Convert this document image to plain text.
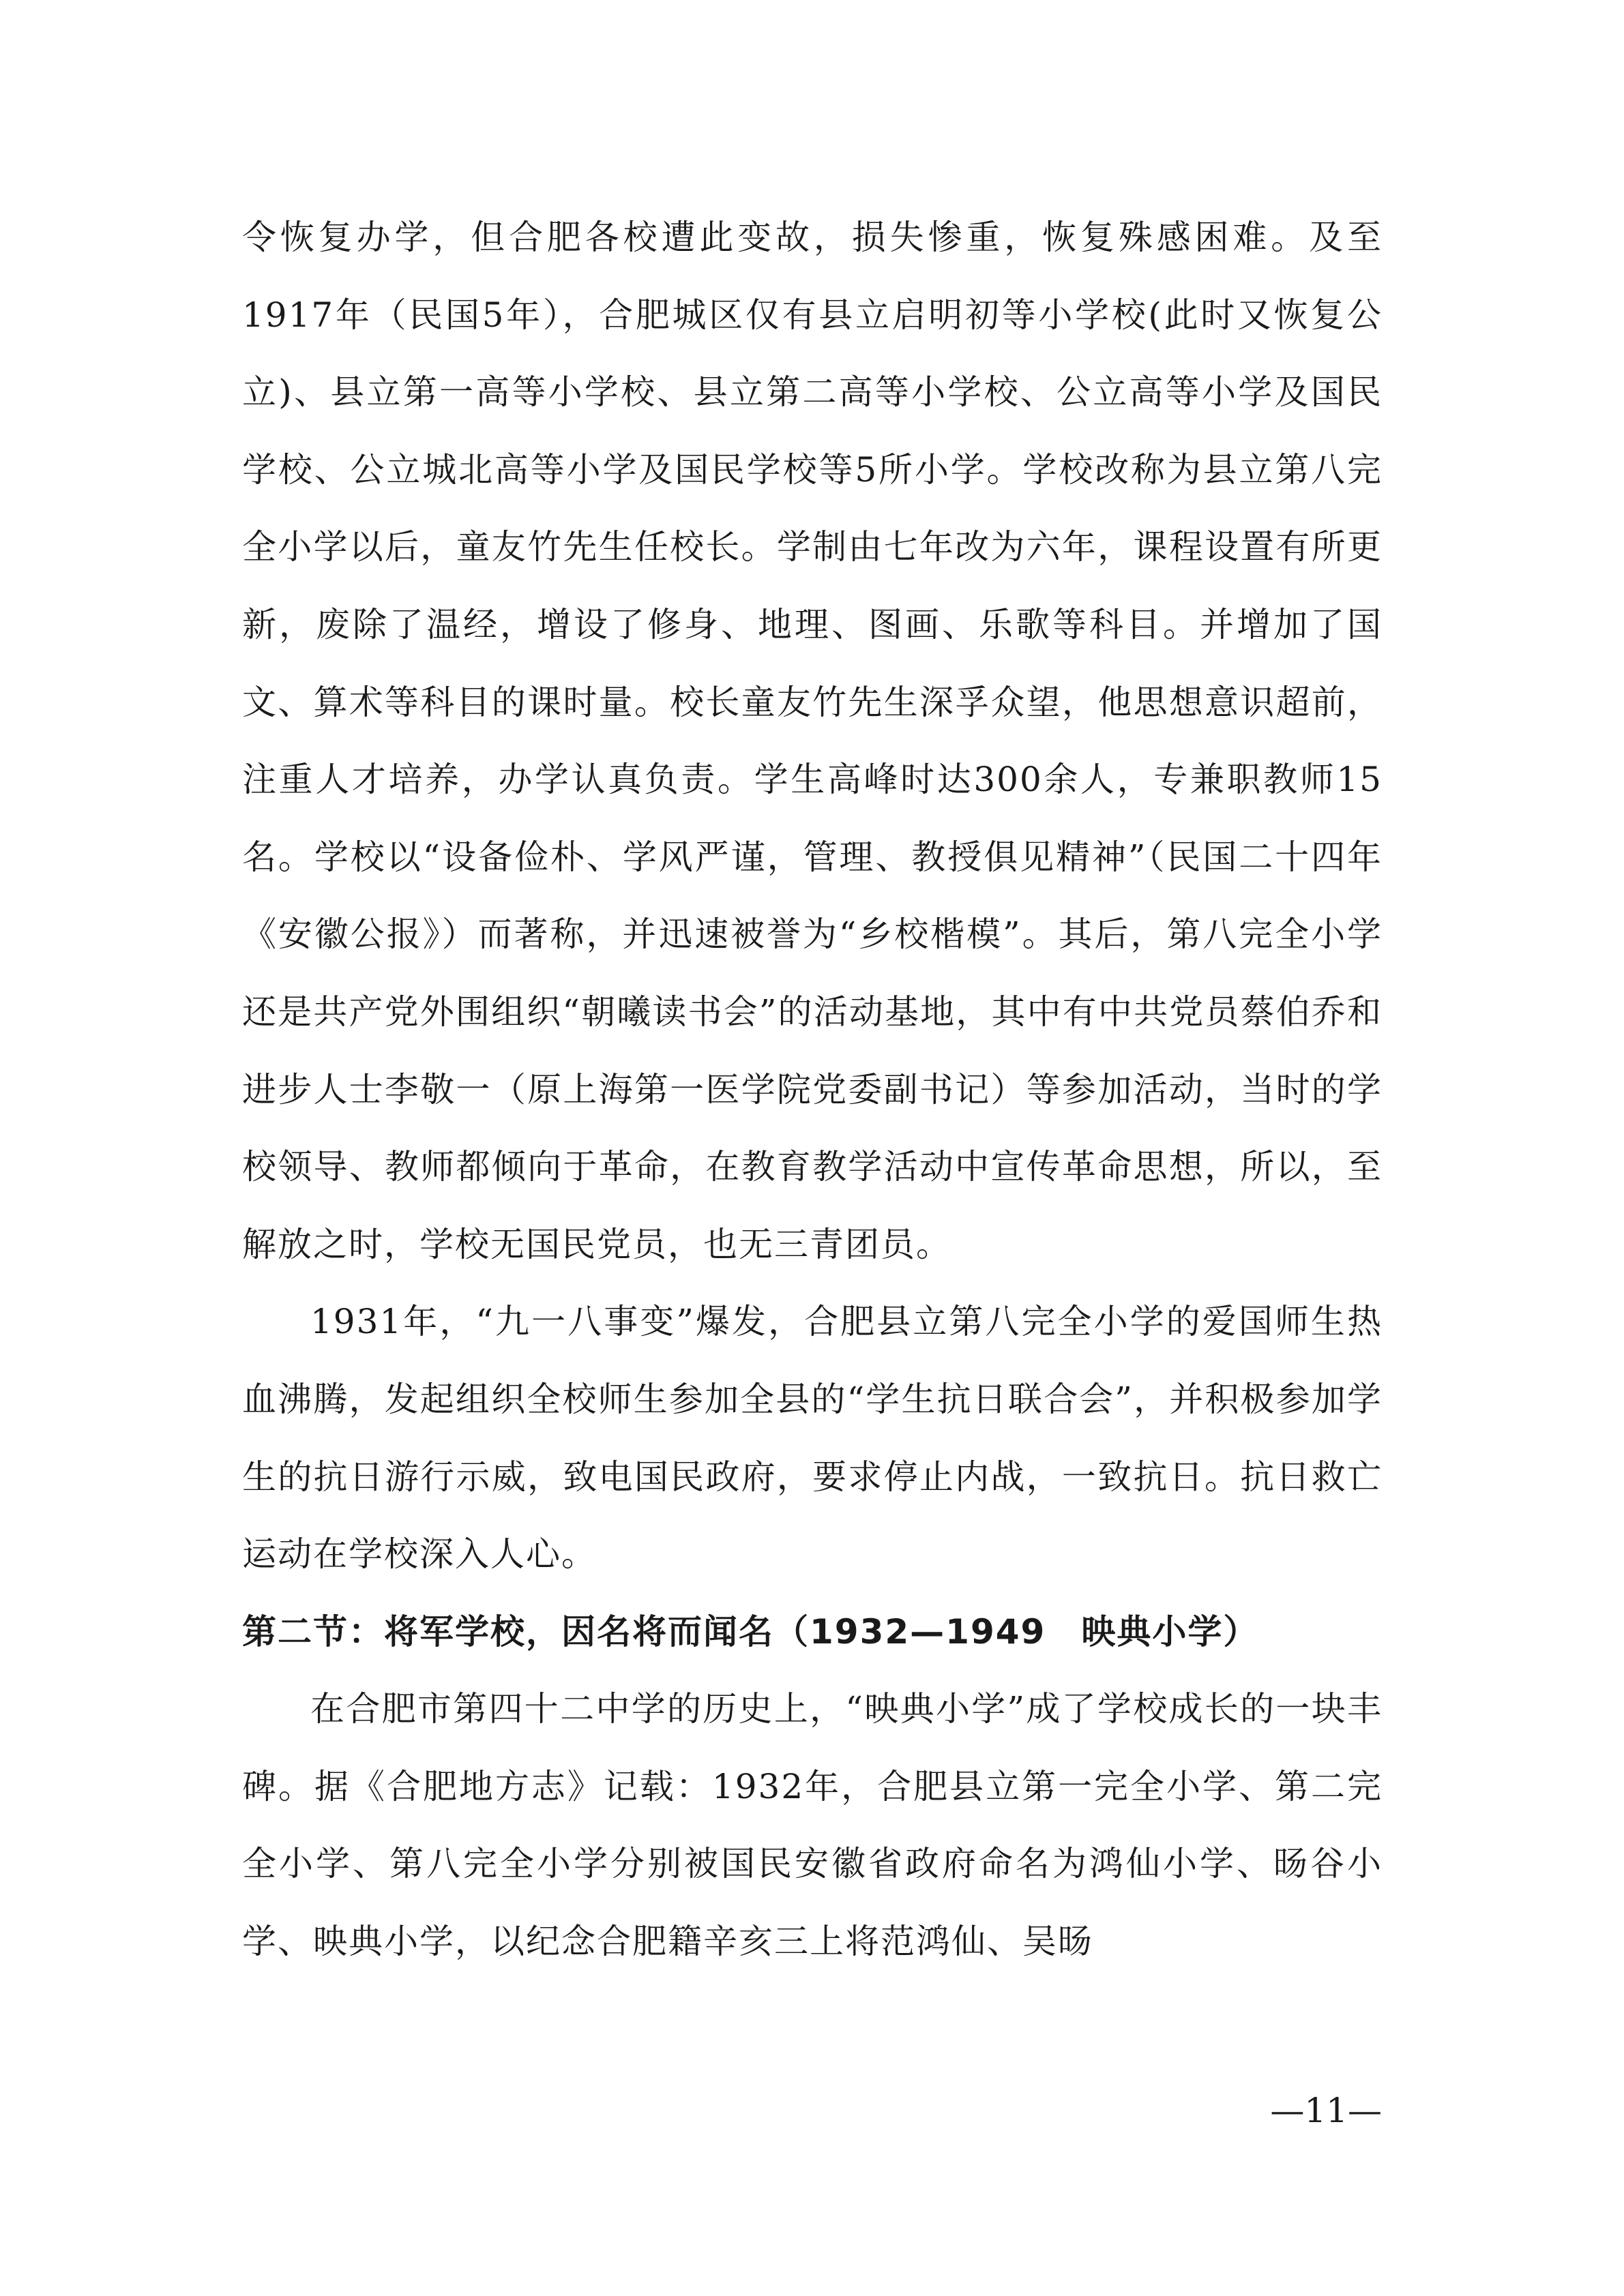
令恢复办学，但合肥各校遭此变故，损失惨重，恢复殊感困难。及至1917年（民国5年），合肥城区仅有县立启明初等小学校(此时又恢复公立)、县立第一高等小学校、县立第二高等小学校、公立高等小学及国民学校、公立城北高等小学及国民学校等5所小学。学校改称为县立第八完全小学以后，童友竹先生任校长。学制由七年改为六年，课程设置有所更新，废除了温经，增设了修身、地理、图画、乐歌等科目。并增加了国文、算术等科目的课时量。校长童友竹先生深孚众望，他思想意识超前，注重人才培养，办学认真负责。学生高峰时达300余人，专兼职教师15名。学校以“设备俭朴、学风严谨，管理、教授俱见精神”（民国二十四年《安徽公报》）而著称，并迅速被誉为“乡校楷模”。其后，第八完全小学还是共产党外围组织“朝曦读书会”的活动基地，其中有中共党员蔡伯乔和进步人士李敬一（原上海第一医学院党委副书记）等参加活动，当时的学校领导、教师都倾向于革命，在教育教学活动中宣传革命思想，所以，至解放之时，学校无国民党员，也无三青团员。

1931年，“九一八事变”爆发，合肥县立第八完全小学的爱国师生热血沸腾，发起组织全校师生参加全县的“学生抗日联合会”，并积极参加学生的抗日游行示威，致电国民政府，要求停止内战，一致抗日。抗日救亡运动在学校深入人心。

第二节：将军学校，因名将而闻名（1932—1949　映典小学）

在合肥市第四十二中学的历史上，“映典小学”成了学校成长的一块丰碑。据《合肥地方志》记载：1932年，合肥县立第一完全小学、第二完全小学、第八完全小学分别被国民安徽省政府命名为鸿仙小学、旸谷小学、映典小学，以纪念合肥籍辛亥三上将范鸿仙、吴旸

—11—
